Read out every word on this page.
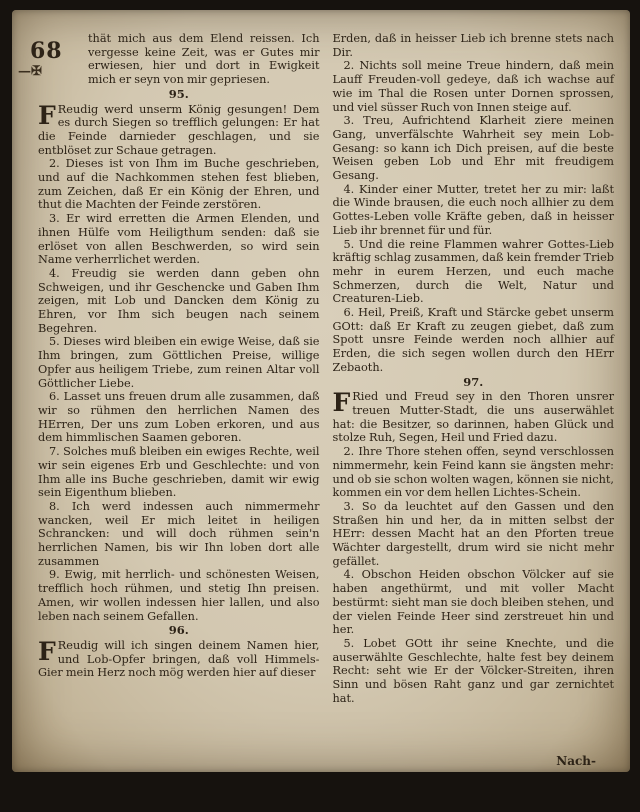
68
—✠

thät mich aus dem Elend reissen. Ich vergesse keine Zeit, was er Gutes mir erwiesen, hier und dort in Ewigkeit mich er seyn von mir gepriesen.

95.

F Reudig werd unserm König gesungen! Dem es durch Siegen so trefflich gelungen: Er hat die Feinde darnieder geschlagen, und sie entblöset zur Schaue getragen.

2. Dieses ist von Ihm im Buche geschrieben, und auf die Nachkommen stehen fest blieben, zum Zeichen, daß Er ein König der Ehren, und thut die Machten der Feinde zerstören.

3. Er wird erretten die Armen Elenden, und ihnen Hülfe vom Heiligthum senden: daß sie erlöset von allen Beschwerden, so wird sein Name verherrlichet werden.

4. Freudig sie werden dann geben ohn Schweigen, und ihr Geschencke und Gaben Ihm zeigen, mit Lob und Dancken dem König zu Ehren, vor Ihm sich beugen nach seinem Begehren.

5. Dieses wird bleiben ein ewige Weise, daß sie Ihm bringen, zum Göttlichen Preise, willige Opfer aus heiligem Triebe, zum reinen Altar voll Göttlicher Liebe.

6. Lasset uns freuen drum alle zusammen, daß wir so rühmen den herrlichen Namen des HErren, Der uns zum Loben erkoren, und aus dem himmlischen Saamen geboren.

7. Solches muß bleiben ein ewiges Rechte, weil wir sein eigenes Erb und Geschlechte: und von Ihm alle ins Buche geschrieben, damit wir ewig sein Eigenthum blieben.

8. Ich werd indessen auch nimmermehr wancken, weil Er mich leitet in heiligen Schrancken: und will doch rühmen sein'n herrlichen Namen, bis wir Ihn loben dort alle zusammen

9. Ewig, mit herrlich- und schönesten Weisen, trefflich hoch rühmen, und stetig Ihn preisen. Amen, wir wollen indessen hier lallen, und also leben nach seinem Gefallen.

96.

F Reudig will ich singen deinem Namen hier, und Lob-Opfer bringen, daß voll Himmels-Gier mein Herz noch mög werden hier auf dieser

Erden, daß in heisser Lieb ich brenne stets nach Dir.

2. Nichts soll meine Treue hindern, daß mein Lauff Freuden-voll gedeye, daß ich wachse auf wie im Thal die Rosen unter Dornen sprossen, und viel süsser Ruch von Innen steige auf.

3. Treu, Aufrichtend Klarheit ziere meinen Gang, unverfälschte Wahrheit sey mein Lob-Gesang: so kann ich Dich preisen, auf die beste Weisen geben Lob und Ehr mit freudigem Gesang.

4. Kinder einer Mutter, tretet her zu mir: laßt die Winde brausen, die euch noch allhier zu dem Gottes-Leben volle Kräfte geben, daß in heisser Lieb ihr brennet für und für.

5. Und die reine Flammen wahrer Gottes-Lieb kräftig schlag zusammen, daß kein fremder Trieb mehr in eurem Herzen, und euch mache Schmerzen, durch die Welt, Natur und Creaturen-Lieb.

6. Heil, Preiß, Kraft und Stärcke gebet unserm GOtt: daß Er Kraft zu zeugen giebet, daß zum Spott unsre Feinde werden noch allhier auf Erden, die sich segen wollen durch den HErr Zebaoth.

97.

F Ried und Freud sey in den Thoren unsrer treuen Mutter-Stadt, die uns auserwählet hat: die Besitzer, so darinnen, haben Glück und stolze Ruh, Segen, Heil und Fried dazu.

2. Ihre Thore stehen offen, seynd verschlossen nimmermehr, kein Feind kann sie ängsten mehr: und ob sie schon wolten wagen, können sie nicht, kommen ein vor dem hellen Lichtes-Schein.

3. So da leuchtet auf den Gassen und den Straßen hin und her, da in mitten selbst der HErr: dessen Macht hat an den Pforten treue Wächter dargestellt, drum wird sie nicht mehr gefället.

4. Obschon Heiden obschon Völcker auf sie haben angethürmt, und mit voller Macht bestürmt: sieht man sie doch bleiben stehen, und der vielen Feinde Heer sind zerstreuet hin und her.

5. Lobet GOtt ihr seine Knechte, und die auserwählte Geschlechte, halte fest bey deinem Recht: seht wie Er der Völcker-Streiten, ihren Sinn und bösen Raht ganz und gar zernichtet hat.

Nach-
